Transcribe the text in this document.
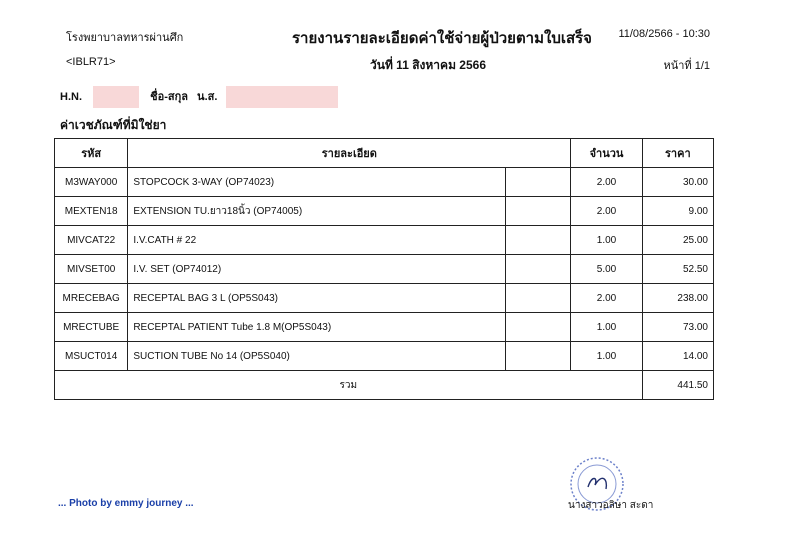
โรงพยาบาลทหารผ่านศึก	รายงานรายละเอียดค่าใช้จ่ายผู้ป่วยตามใบเสร็จ 11/08/2566 - 10:30
<IBLR71>	วันที่ 11 สิงหาคม 2566	หน้าที่ 1/1
H.N.	ชื่อ-สกุล น.ส.
ค่าเวชภัณฑ์ที่มิใช่ยา
รหัส	รายละเอียด		จำนวน	ราคา
M3WAY000	STOPCOCK 3-WAY (OP74023)		2.00	30.00
MEXTEN18	EXTENSION TU.ยาว18นิ้ว (OP74005)		2.00	9.00
MIVCAT22	I.V.CATH # 22		1.00	25.00
MIVSET00	I.V. SET (OP74012)		5.00	52.50
MRECEBAG	RECEPTAL BAG 3 L (OP5S043)		2.00	238.00
MRECTUBE	RECEPTAL PATIENT Tube 1.8 M(OP5S043)		1.00	73.00
MSUCT014	SUCTION TUBE No 14 (OP5S040)		1.00	14.00
รวม				441.50
... Photo by emmy journey ...	นางสาวอลิษา สะดา
